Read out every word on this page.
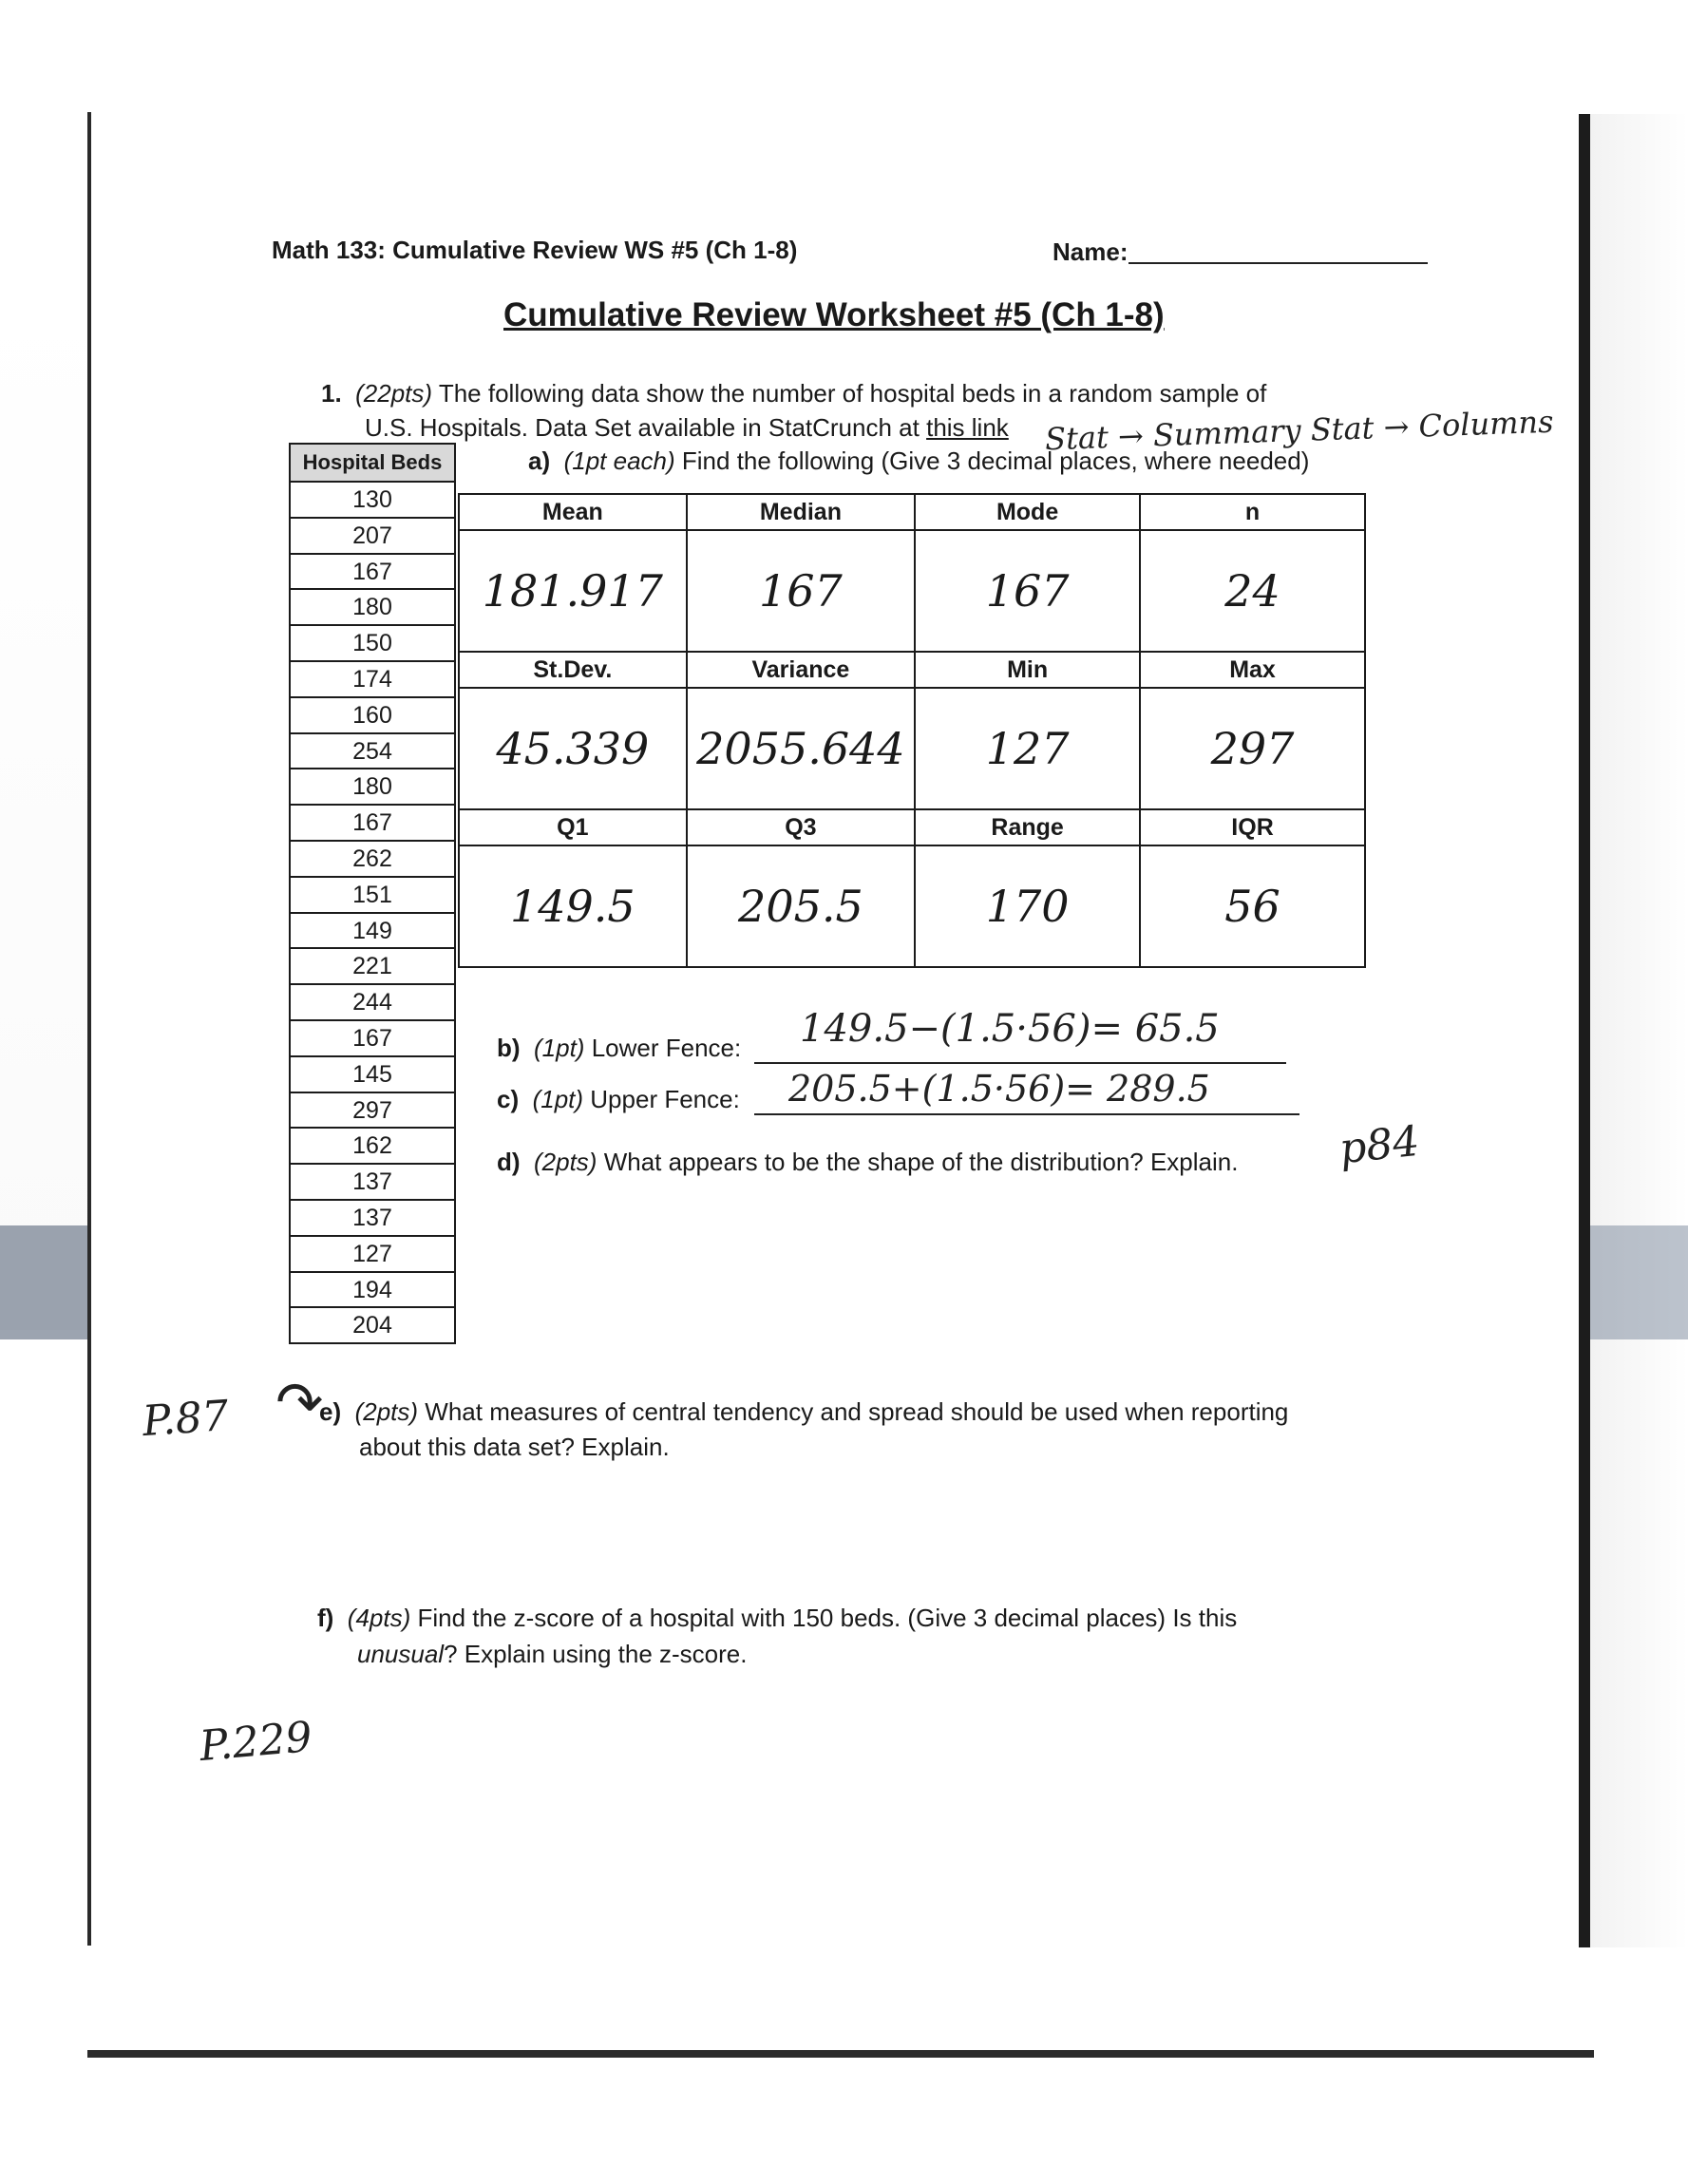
Math 133: Cumulative Review WS #5 (Ch 1-8)	Name:
Cumulative Review Worksheet #5 (Ch 1-8)
1. (22pts) The following data show the number of hospital beds in a random sample of
U.S. Hospitals. Data Set available in StatCrunch at this link	Stat → Summary Stat → Columns
a) (1pt each) Find the following (Give 3 decimal places, where needed)
Hospital Beds
130
207
167
180
150
174
160
254
180
167
262
151
149
221
244
167
145
297
162
137
137
127
194
204
Mean	Median	Mode	n
181.917	167	167	24
St.Dev.	Variance	Min	Max
45.339	2055.644	127	297
Q1	Q3	Range	IQR
149.5	205.5	170	56
b) (1pt) Lower Fence: 149.5−(1.5·56)= 65.5
c) (1pt) Upper Fence: 205.5+(1.5·56)= 289.5
d) (2pts) What appears to be the shape of the distribution? Explain. p84
↷
P.87	e) (2pts) What measures of central tendency and spread should be used when reporting
about this data set? Explain.
f) (4pts) Find the z-score of a hospital with 150 beds. (Give 3 decimal places) Is this
unusual? Explain using the z-score.
P.229
